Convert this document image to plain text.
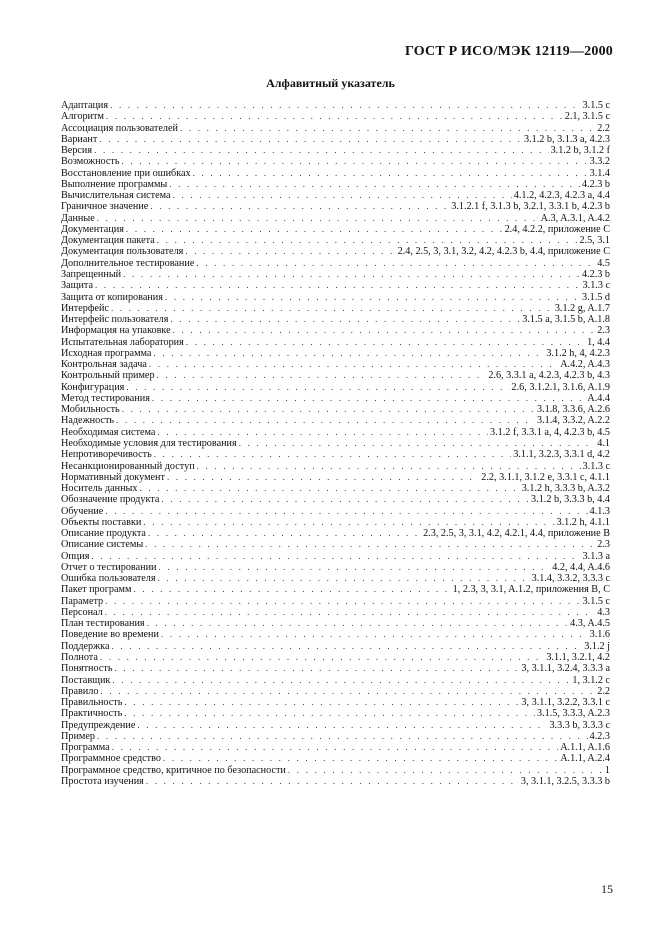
ГОСТ Р ИСО/МЭК 12119—2000
Алфавитный указатель
Адаптация . . .	3.1.5 c
Алгоритм . . .	2.1, 3.1.5 c
Ассоциация пользователей . . .	2.2
Вариант . . .	3.1.2 b, 3.1.3 a, 4.2.3
Версия . . .	3.1.2 b, 3.1.2 f
Возможность . . .	3.3.2
Восстановление при ошибках . . .	3.1.4
Выполнение программы . . .	4.2.3 b
Вычислительная система . . .	4.1.2, 4.2.3, 4.2.3 a, 4.4
Граничное значение . . .	3.1.2.1 f, 3.1.3 b, 3.2.1, 3.3.1 b, 4.2.3 b
Данные . . .	A.3, A.3.1, A.4.2
Документация . . .	2.4, 4.2.2, приложение C
Документация пакета . . .	2.5, 3.1
Документация пользователя . . .	2.4, 2.5, 3, 3.1, 3.2, 4.2, 4.2.3 b, 4.4, приложение C
Дополнительное тестирование . . .	4.5
Запрещенный . . .	4.2.3 b
Защита . . .	3.1.3 c
Защита от копирования . . .	3.1.5 d
Интерфейс . . .	3.1.2 g, A.1.7
Интерфейс пользователя . . .	3.1.5 a, 3.1.5 b, A.1.8
Информация на упаковке . . .	2.3
Испытательная лаборатория . . .	1, 4.4
Исходная программа . . .	3.1.2 h, 4, 4.2.3
Контрольная задача . . .	A.4.2, A.4.3
Контрольный пример . . .	2.6, 3.3.1 a, 4.2.3, 4.2.3 b, 4.3
Конфигурация . . .	2.6, 3.1.2.1, 3.1.6, A.1.9
Метод тестирования . . .	A.4.4
Мобильность . . .	3.1.8, 3.3.6, A.2.6
Надежность . . .	3.1.4, 3.3.2, A.2.2
Необходимая система . . .	3.1.2 f, 3.3.1 a, 4, 4.2.3 b, 4.5
Необходимые условия для тестирования . . .	4.1
Непротиворечивость . . .	3.1.1, 3.2.3, 3.3.1 d, 4.2
Несанкционированный доступ . . .	3.1.3 c
Нормативный документ . . .	2.2, 3.1.1, 3.1.2 e, 3.3.1 c, 4.1.1
Носитель данных . . .	3.1.2 h, 3.3.3 b, A.3.2
Обозначение продукта . . .	3.1.2 b, 3.3.3 b, 4.4
Обучение . . .	4.1.3
Объекты поставки . . .	3.1.2 h, 4.1.1
Описание продукта . . .	2.3, 2.5, 3, 3.1, 4.2, 4.2.1, 4.4, приложение B
Описание системы . . .	2.3
Опция . . .	3.1.3 a
Отчет о тестировании . . .	4.2, 4.4, A.4.6
Ошибка пользователя . . .	3.1.4, 3.3.2, 3.3.3 c
Пакет программ . . .	1, 2.3, 3, 3.1, A.1.2, приложения B, C
Параметр . . .	3.1.5 c
Персонал . . .	4.3
План тестирования . . .	4.3, A.4.5
Поведение во времени . . .	3.1.6
Поддержка . . .	3.1.2 j
Полнота . . .	3.1.1, 3.2.1, 4.2
Понятность . . .	3, 3.1.1, 3.2.4, 3.3.3 a
Поставщик . . .	1, 3.1.2 c
Правило . . .	2.2
Правильность . . .	3, 3.1.1, 3.2.2, 3.3.1 c
Практичность . . .	3.1.5, 3.3.3, A.2.3
Предупреждение . . .	3.3.3 b, 3.3.3 c
Пример . . .	4.2.3
Программа . . .	A.1.1, A.1.6
Программное средство . . .	A.1.1, A.2.4
Программное средство, критичное по безопасности . . .	1
Простота изучения . . .	3, 3.1.1, 3.2.5, 3.3.3 b
15
